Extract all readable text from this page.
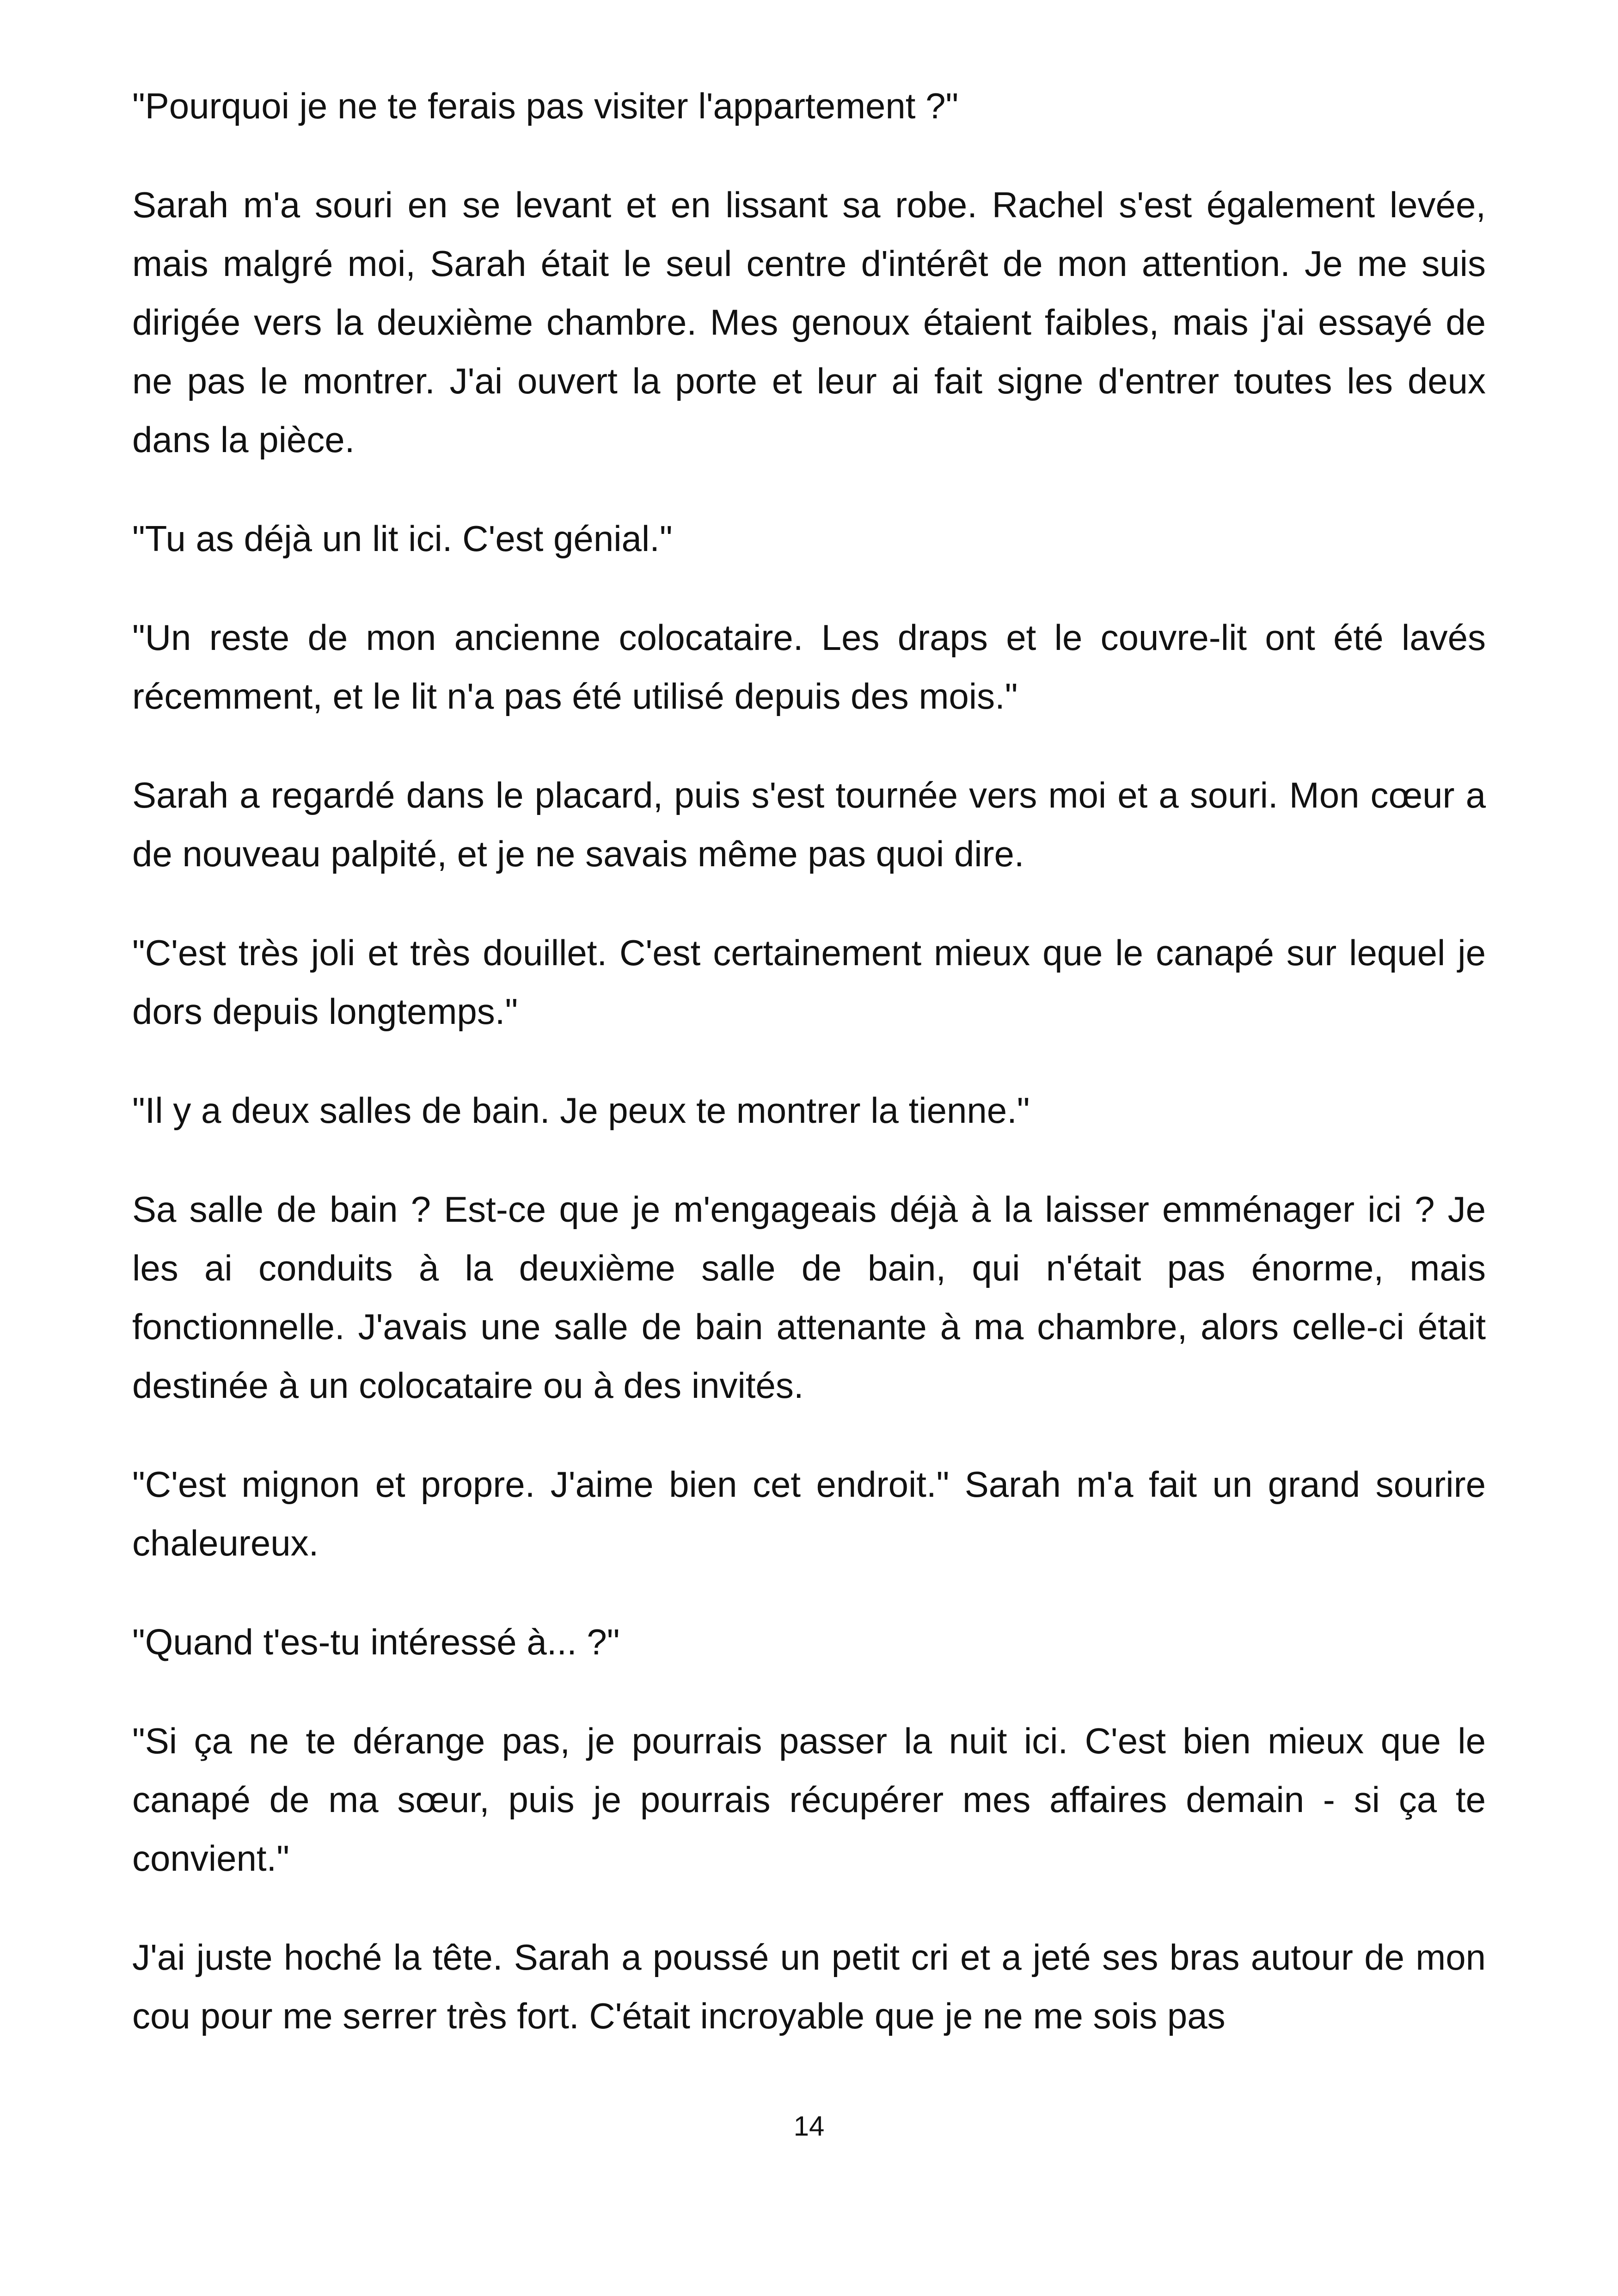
"Pourquoi je ne te ferais pas visiter l'appartement ?"

Sarah m'a souri en se levant et en lissant sa robe. Rachel s'est également levée, mais malgré moi, Sarah était le seul centre d'intérêt de mon attention. Je me suis dirigée vers la deuxième chambre. Mes genoux étaient faibles, mais j'ai essayé de ne pas le montrer. J'ai ouvert la porte et leur ai fait signe d'entrer toutes les deux dans la pièce.

"Tu as déjà un lit ici. C'est génial."

"Un reste de mon ancienne colocataire. Les draps et le couvre-lit ont été lavés récemment, et le lit n'a pas été utilisé depuis des mois."

Sarah a regardé dans le placard, puis s'est tournée vers moi et a souri. Mon cœur a de nouveau palpité, et je ne savais même pas quoi dire.

"C'est très joli et très douillet. C'est certainement mieux que le canapé sur lequel je dors depuis longtemps."

"Il y a deux salles de bain. Je peux te montrer la tienne."

Sa salle de bain ? Est-ce que je m'engageais déjà à la laisser emménager ici ? Je les ai conduits à la deuxième salle de bain, qui n'était pas énorme, mais fonctionnelle. J'avais une salle de bain attenante à ma chambre, alors celle-ci était destinée à un colocataire ou à des invités.

"C'est mignon et propre. J'aime bien cet endroit." Sarah m'a fait un grand sourire chaleureux.

"Quand t'es-tu intéressé à... ?"

"Si ça ne te dérange pas, je pourrais passer la nuit ici. C'est bien mieux que le canapé de ma sœur, puis je pourrais récupérer mes affaires demain - si ça te convient."

J'ai juste hoché la tête. Sarah a poussé un petit cri et a jeté ses bras autour de mon cou pour me serrer très fort. C'était incroyable que je ne me sois pas

14
